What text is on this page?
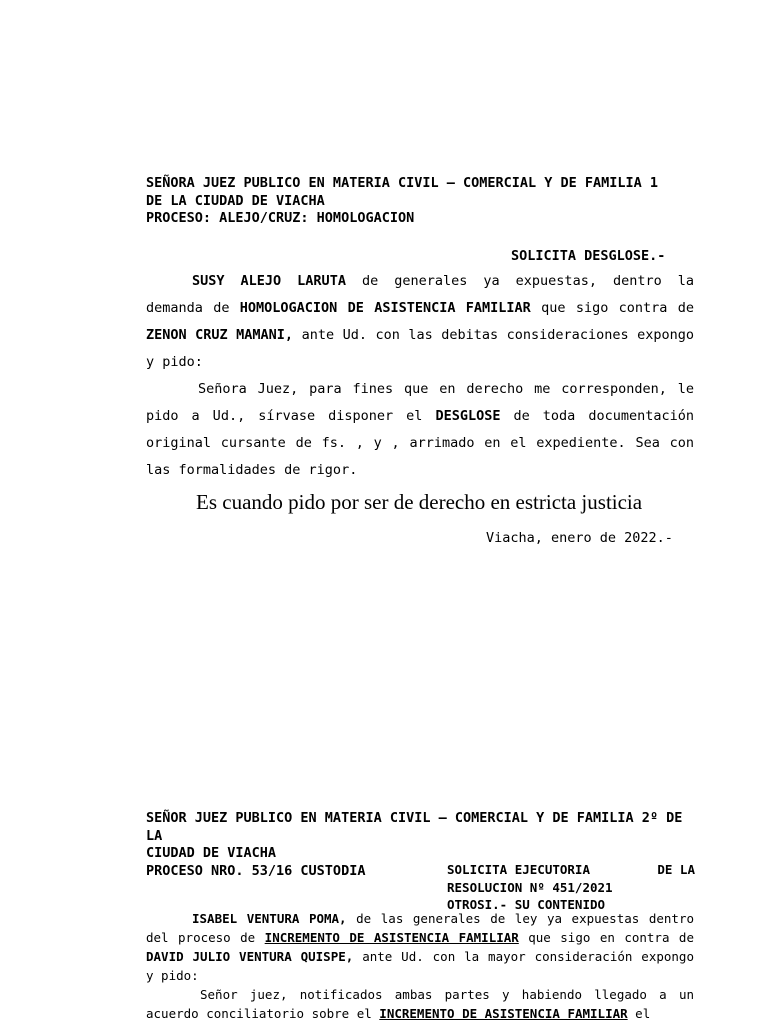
SEÑORA JUEZ PUBLICO EN MATERIA CIVIL – COMERCIAL Y DE FAMILIA 1

DE LA CIUDAD DE VIACHA

PROCESO: ALEJO/CRUZ: HOMOLOGACION

SOLICITA DESGLOSE.-

SUSY ALEJO LARUTA de generales ya expuestas, dentro la demanda de HOMOLOGACION DE ASISTENCIA FAMILIAR que sigo contra de ZENON CRUZ MAMANI, ante Ud. con las debitas consideraciones expongo y pido:

Señora Juez, para fines que en derecho me corresponden, le pido a Ud., sírvase disponer el DESGLOSE de toda documentación original cursante de fs. , y , arrimado en el expediente. Sea con las formalidades de rigor.

Es cuando pido por ser de derecho en estricta justicia
Viacha, enero de 2022.-

SEÑOR JUEZ PUBLICO EN MATERIA CIVIL – COMERCIAL Y DE FAMILIA 2º DE LA

CIUDAD DE VIACHA

PROCESO NRO. 53/16 CUSTODIA	SOLICITA EJECUTORIA	DE LA
RESOLUCION Nº 451/2021
OTROSI.- SU CONTENIDO

ISABEL VENTURA POMA, de las generales de ley ya expuestas dentro del proceso de INCREMENTO DE ASISTENCIA FAMILIAR que sigo en contra de DAVID JULIO VENTURA QUISPE, ante Ud. con la mayor consideración expongo y pido:

Señor juez, notificados ambas partes y habiendo llegado a un acuerdo conciliatorio sobre el INCREMENTO DE ASISTENCIA FAMILIAR el
